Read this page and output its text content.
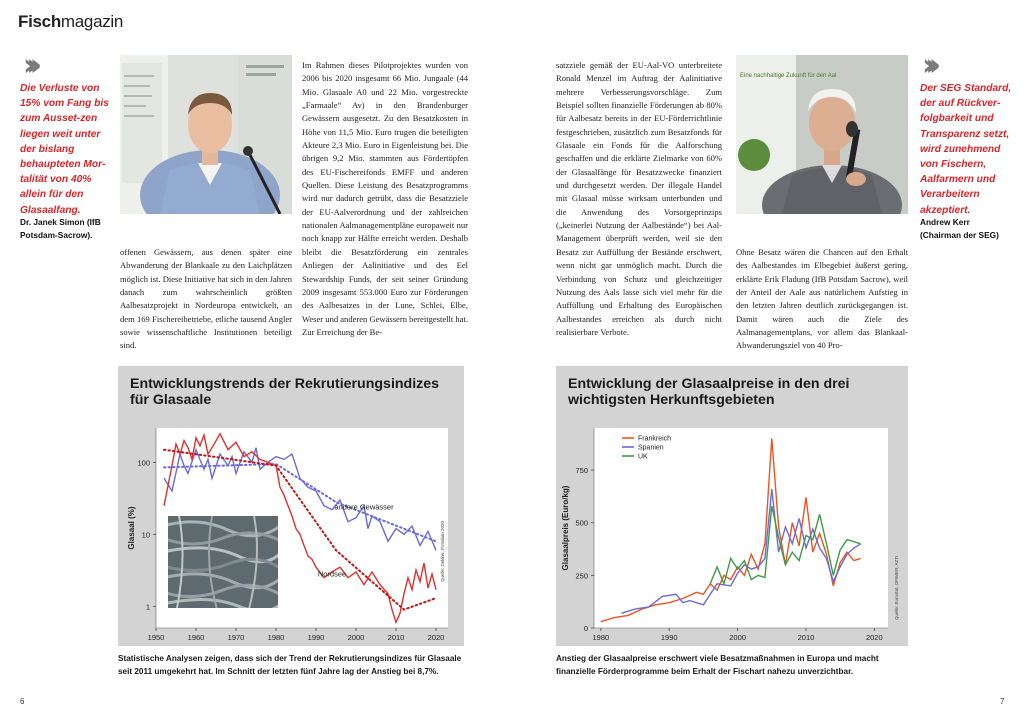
Fischmagazin
›››
Die Verluste von 15% vom Fang bis zum Ausset-zen liegen weit unter der bislang behaupteten Mor-talität von 40% allein für den Glasaalfang.
Dr. Janek Simon (IfB
Potsdam-Sacrow).

offenen Gewässern, aus denen später eine Abwanderung der Blankaale zu den Laichplätzen möglich ist. Diese Initiative hat sich in den Jahren danach zum wahrscheinlich größten Aalbesatzprojekt in Nordeuropa entwickelt, an dem 169 Fischereibetriebe, etliche tausend Angler sowie wissenschaftliche Institutionen beteiligt sind.

Im Rahmen dieses Pilotprojektes wurden von 2006 bis 2020 insgesamt 66 Mio. Jungaale (44 Mio. Glasaale A0 und 22 Mio. vorgestreckte „Farmaale“ Av) in den Brandenburger Gewässern ausgesetzt. Zu den Besatzkosten in Höhe von 11,5 Mio. Euro trugen die beteiligten Akteure 2,3 Mio. Euro in Eigenleistung bei. Die übrigen 9,2 Mio. stammten aus Fördertöpfen des EU-Fischereifonds EMFF und anderen Quellen. Diese Leistung des Besatzprogramms wird nur dadurch getrübt, dass die Besatzziele der EU-Aalverordnung und der zahlreichen nationalen Aalmanagementpläne europaweit nur noch knapp zur Hälfte erreicht werden. Deshalb bleibt die Besatzförderung ein zentrales Anliegen der Aalinitiative und des Eel Stewardship Funds, der seit seiner Gründung 2009 insgesamt 553.000 Euro zur Förderungen des Aalbesatzes in der Lune, Schlei, Elbe, Weser und anderen Gewässern bereitgestellt hat. Zur Erreichung der Be-

satzziele gemäß der EU-Aal-VO unterbreitete Ronald Menzel im Auftrag der Aalinitiative mehrere Verbesserungsvorschläge. Zum Beispiel sollten finanzielle Förderungen ab 80% für Aalbesatz bereits in der EU-Förderrichtlinie festgeschrieben, zusätzlich zum Besatzfonds für Glasaale ein Fonds für die Aalforschung geschaffen und die erklärte Zielmarke von 60% der Glasaalfänge für Besatzzwecke finanziert und durchgesetzt werden. Der illegale Handel mit Glasaal müsse wirksam unterbunden und die Anwendung des Vorsorgeprinzips („keinerlei Nutzung der Aalbestände“) bei Aal-Management überprüft werden, weil sie den Besatz zur Auffüllung der Bestände erschwert, wenn nicht gar unmöglich macht. Durch die Verbindung von Schutz und gleichzeitiger Nutzung des Aals lasse sich viel mehr für die Auffüllung und Erhaltung des Europäischen Aalbestandes erreichen als durch nicht realisierbare Verbote.

Eine nachhaltige Zukunft für den Aal	›››
Der SEG Standard, der auf Rückver-folgbarkeit und Transparenz setzt, wird zunehmend von Fischern, Aalfarmern und Verarbeitern akzeptiert.
Andrew Kerr
(Chairman der SEG)

Ohne Besatz wären die Chancen auf den Erhalt des Aalbestandes im Elbegebiet äußerst gering, erklärte Erik Fladung (IfB Potsdam Sacrow), weil der Anteil der Aale aus natürlichem Aufstieg in den letzten Jahren deutlich zurückgegangen ist. Damit wären auch die Ziele des Aalmanagementplans, vor allem das Blankaal-Abwanderungsziel von 40 Pro-

Entwicklungstrends der Rekrutierungsindizes für Glasaale
1
10
100
1950	1960	1970	1980	1990	2000	2010	2020
Glasaal (%)	andere Gewässer
Nordsee	Quelle: Dekker, Potsdam 2020
Statistische Analysen zeigen, dass sich der Trend der Rekrutierungsindizes für Glasaale seit 2011 umgekehrt hat. Im Schnitt der letzten fünf Jahre lag der Anstieg bei 8,7%.
Entwicklung der Glasaalpreise in den drei wichtigsten Herkunftsgebieten
0
250
500
750
1980	1990	2000	2010	2020
Frankreich
Spanien
UK
Glasaalpreis (Euro/kg)
Quelle: Eurostat, OFIMER, AZTI
Anstieg der Glasaalpreise erschwert viele Besatzmaßnahmen in Europa und macht finanzielle Förderprogramme beim Erhalt der Fischart nahezu unverzichtbar.
6	7
